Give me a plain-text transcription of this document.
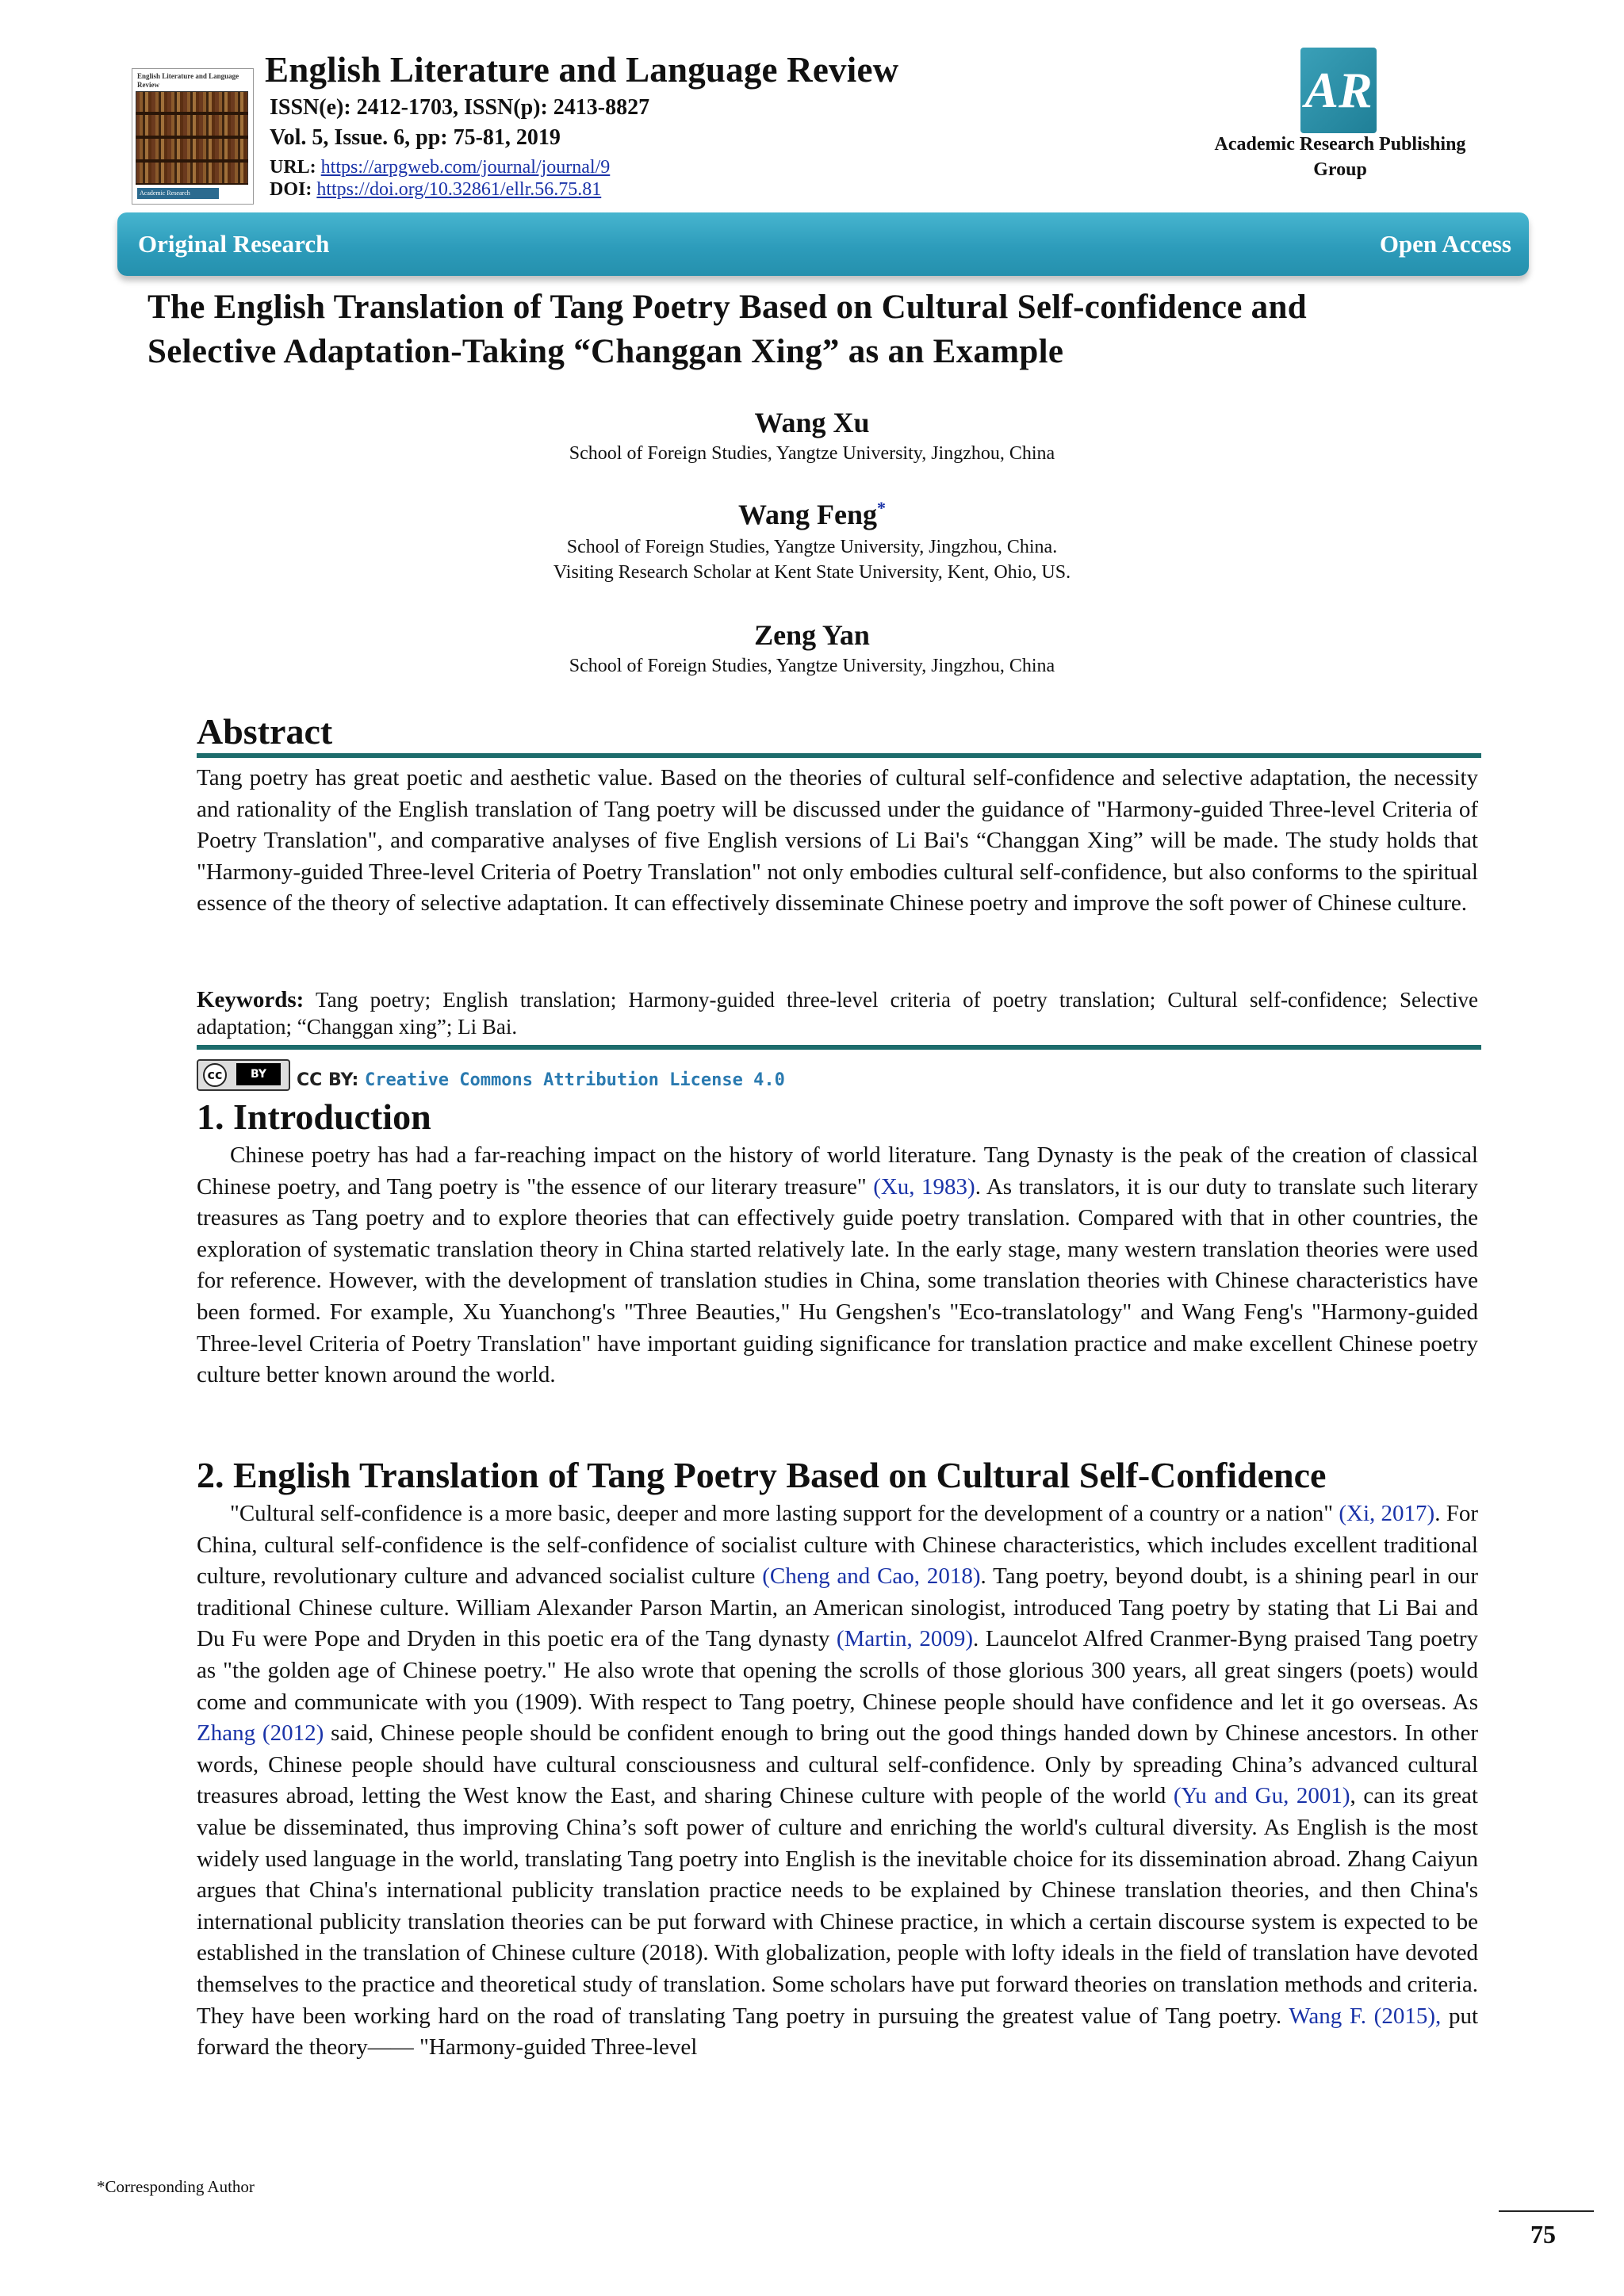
English Literature and Language Review
Academic Research
English Literature and Language Review
ISSN(e): 2412-1703, ISSN(p): 2413-8827
Vol. 5, Issue. 6, pp: 75-81, 2019
URL: https://arpgweb.com/journal/journal/9
DOI: https://doi.org/10.32861/ellr.56.75.81
AR
Academic Research Publishing
Group
Original Research	Open Access
The English Translation of Tang Poetry Based on Cultural Self-confidence and
Selective Adaptation-Taking “Changgan Xing” as an Example
Wang Xu
School of Foreign Studies, Yangtze University, Jingzhou, China
Wang Feng*
School of Foreign Studies, Yangtze University, Jingzhou, China.
Visiting Research Scholar at Kent State University, Kent, Ohio, US.
Zeng Yan
School of Foreign Studies, Yangtze University, Jingzhou, China
Abstract
Tang poetry has great poetic and aesthetic value. Based on the theories of cultural self-confidence and selective adaptation, the necessity and rationality of the English translation of Tang poetry will be discussed under the guidance of "Harmony-guided Three-level Criteria of Poetry Translation", and comparative analyses of five English versions of Li Bai's “Changgan Xing” will be made. The study holds that "Harmony-guided Three-level Criteria of Poetry Translation" not only embodies cultural self-confidence, but also conforms to the spiritual essence of the theory of selective adaptation. It can effectively disseminate Chinese poetry and improve the soft power of Chinese culture.
Keywords: Tang poetry; English translation; Harmony-guided three-level criteria of poetry translation; Cultural self-confidence; Selective adaptation; “Changgan xing”; Li Bai.
cc	BY	CC BY: Creative Commons Attribution License 4.0
1. Introduction

Chinese poetry has had a far-reaching impact on the history of world literature. Tang Dynasty is the peak of the creation of classical Chinese poetry, and Tang poetry is "the essence of our literary treasure" (Xu, 1983). As translators, it is our duty to translate such literary treasures as Tang poetry and to explore theories that can effectively guide poetry translation. Compared with that in other countries, the exploration of systematic translation theory in China started relatively late. In the early stage, many western translation theories were used for reference. However, with the development of translation studies in China, some translation theories with Chinese characteristics have been formed. For example, Xu Yuanchong's "Three Beauties," Hu Gengshen's "Eco-translatology" and Wang Feng's "Harmony-guided Three-level Criteria of Poetry Translation" have important guiding significance for translation practice and make excellent Chinese poetry culture better known around the world.

2. English Translation of Tang Poetry Based on Cultural Self-Confidence

"Cultural self-confidence is a more basic, deeper and more lasting support for the development of a country or a nation" (Xi, 2017). For China, cultural self-confidence is the self-confidence of socialist culture with Chinese characteristics, which includes excellent traditional culture, revolutionary culture and advanced socialist culture (Cheng and Cao, 2018). Tang poetry, beyond doubt, is a shining pearl in our traditional Chinese culture. William Alexander Parson Martin, an American sinologist, introduced Tang poetry by stating that Li Bai and Du Fu were Pope and Dryden in this poetic era of the Tang dynasty (Martin, 2009). Launcelot Alfred Cranmer-Byng praised Tang poetry as "the golden age of Chinese poetry." He also wrote that opening the scrolls of those glorious 300 years, all great singers (poets) would come and communicate with you (1909). With respect to Tang poetry, Chinese people should have confidence and let it go overseas. As Zhang (2012) said, Chinese people should be confident enough to bring out the good things handed down by Chinese ancestors. In other words, Chinese people should have cultural consciousness and cultural self-confidence. Only by spreading China’s advanced cultural treasures abroad, letting the West know the East, and sharing Chinese culture with people of the world (Yu and Gu, 2001), can its great value be disseminated, thus improving China’s soft power of culture and enriching the world's cultural diversity. As English is the most widely used language in the world, translating Tang poetry into English is the inevitable choice for its dissemination abroad. Zhang Caiyun argues that China's international publicity translation practice needs to be explained by Chinese translation theories, and then China's international publicity translation theories can be put forward with Chinese practice, in which a certain discourse system is expected to be established in the translation of Chinese culture (2018). With globalization, people with lofty ideals in the field of translation have devoted themselves to the practice and theoretical study of translation. Some scholars have put forward theories on translation methods and criteria. They have been working hard on the road of translating Tang poetry in pursuing the greatest value of Tang poetry. Wang F. (2015), put forward the theory—— "Harmony-guided Three-level

*Corresponding Author
75
